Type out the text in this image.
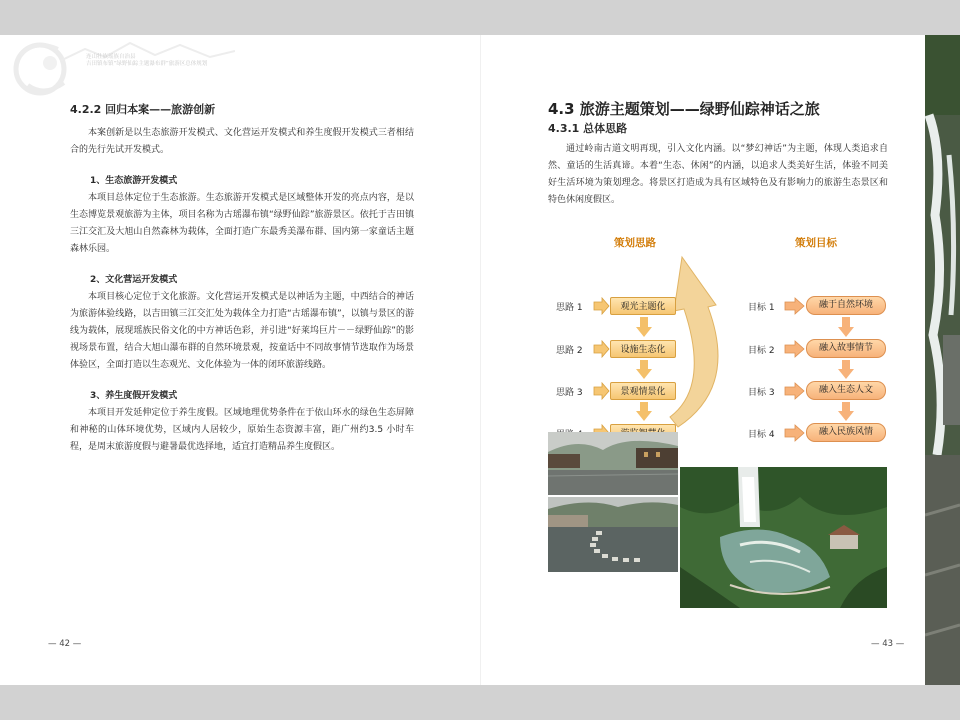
连山壮族瑶族自治县
吉田镇布镇“绿野仙踪主题瀑布群”旅游区总体规划
4.2.2 回归本案——旅游创新
本案创新是以生态旅游开发模式、文化营运开发模式和养生度假开发模式三者相结合的先行先试开发模式。
1、生态旅游开发模式
本项目总体定位于生态旅游。生态旅游开发模式是区域整体开发的亮点内容，是以生态博览景观旅游为主体，项目名称为古瑶瀑布镇“绿野仙踪”旅游景区。依托于吉田镇三江交汇及大旭山自然森林为载体，全面打造广东最秀美瀑布群、国内第一家童话主题森林乐园。
2、文化营运开发模式
本项目核心定位于文化旅游。文化营运开发模式是以神话为主题，中西结合的神话为旅游体验线路，以吉田镇三江交汇处为载体全力打造“古瑶瀑布镇”，以镇与景区的游线为载体，展现瑶族民俗文化的中方神话色彩，并引进“好莱坞巨片－－绿野仙踪”的影视场景布置，结合大旭山瀑布群的自然环境景观，按童话中不同故事情节选取作为场景体验区，全面打造以生态观光、文化体验为一体的闭环旅游线路。
3、养生度假开发模式
本项目开发延伸定位于养生度假。区域地理优势条件在于依山环水的绿色生态屏障和神秘的山体环境优势，区域内人居较少，原始生态资源丰富，距广州约3.5 小时车程，是周末旅游度假与避暑最优选择地，适宜打造精品养生度假区。
— 42 —
4.3 旅游主题策划——绿野仙踪神话之旅
4.3.1 总体思路
通过岭南古道文明再现，引入文化内涵。以“梦幻神话”为主题，体现人类追求自然、童话的生活真谛。本着“生态、休闲”的内涵，以追求人类美好生活，体验不同美好生活环境为策划理念。将景区打造成为具有区域特色及有影响力的旅游生态景区和特色休闲度假区。
策划思路	策划目标
思路 1
思路 2
思路 3
观光主题化
设施生态化
景观情景化
目标 1
目标 2
目标 3
目标 4
融于自然环境
融入故事情节
融入生态人文
融入民族风情
— 43 —
